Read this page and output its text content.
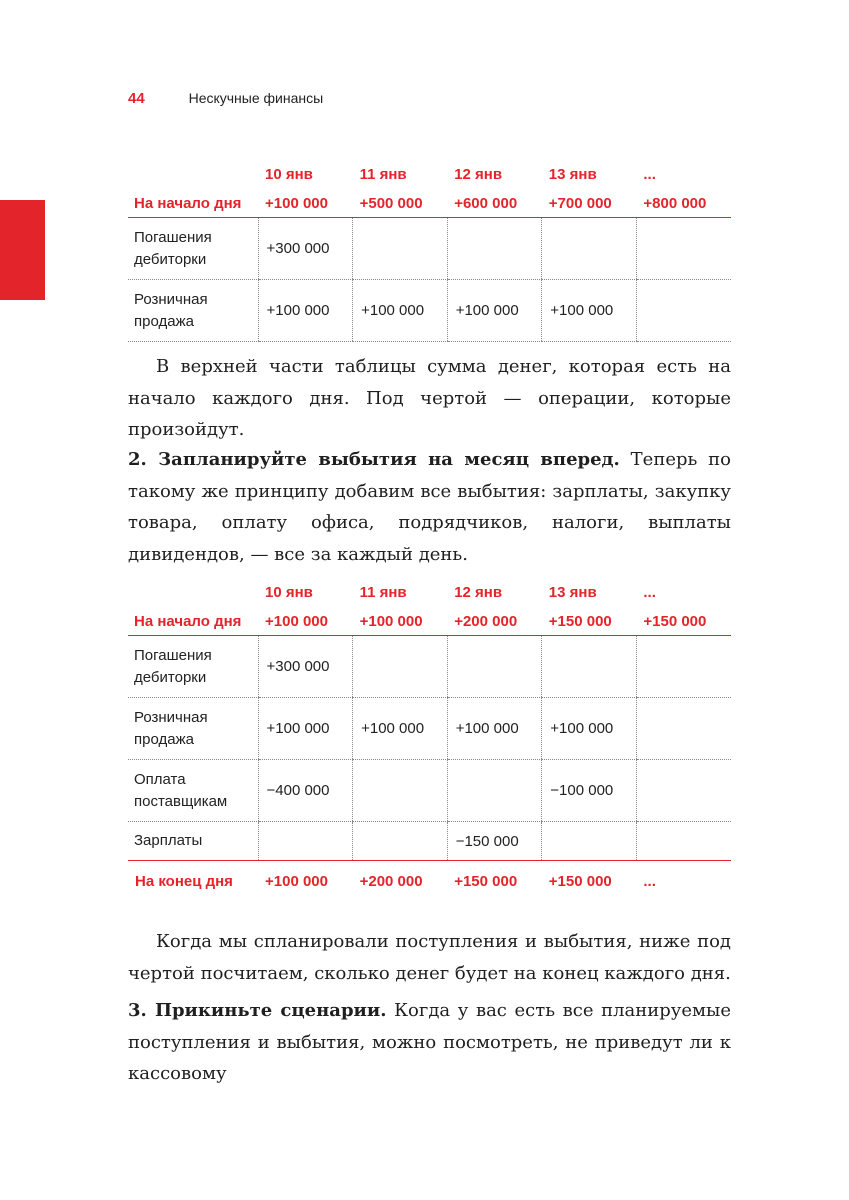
44	Нескучные финансы
	10 янв	11 янв	12 янв	13 янв	...
На начало дня	+100 000	+500 000	+600 000	+700 000	+800 000
Погашения дебиторки	+300 000				
Розничная продажа	+100 000	+100 000	+100 000	+100 000	

В верхней части таблицы сумма денег, которая есть на начало каждого дня. Под чертой — операции, которые произойдут.

2. Запланируйте выбытия на месяц вперед. Теперь по такому же принципу добавим все выбытия: зарплаты, закупку товара, оплату офиса, подрядчиков, налоги, выплаты дивидендов, — все за каждый день.

	10 янв	11 янв	12 янв	13 янв	...
На начало дня	+100 000	+100 000	+200 000	+150 000	+150 000
Погашения дебиторки	+300 000				
Розничная продажа	+100 000	+100 000	+100 000	+100 000	
Оплата поставщикам	−400 000			−100 000	
Зарплаты			−150 000		
На конец дня	+100 000	+200 000	+150 000	+150 000	...

Когда мы спланировали поступления и выбытия, ниже под чертой посчитаем, сколько денег будет на конец каждого дня.

3. Прикиньте сценарии. Когда у вас есть все планируемые поступления и выбытия, можно посмотреть, не приведут ли к кассовому
